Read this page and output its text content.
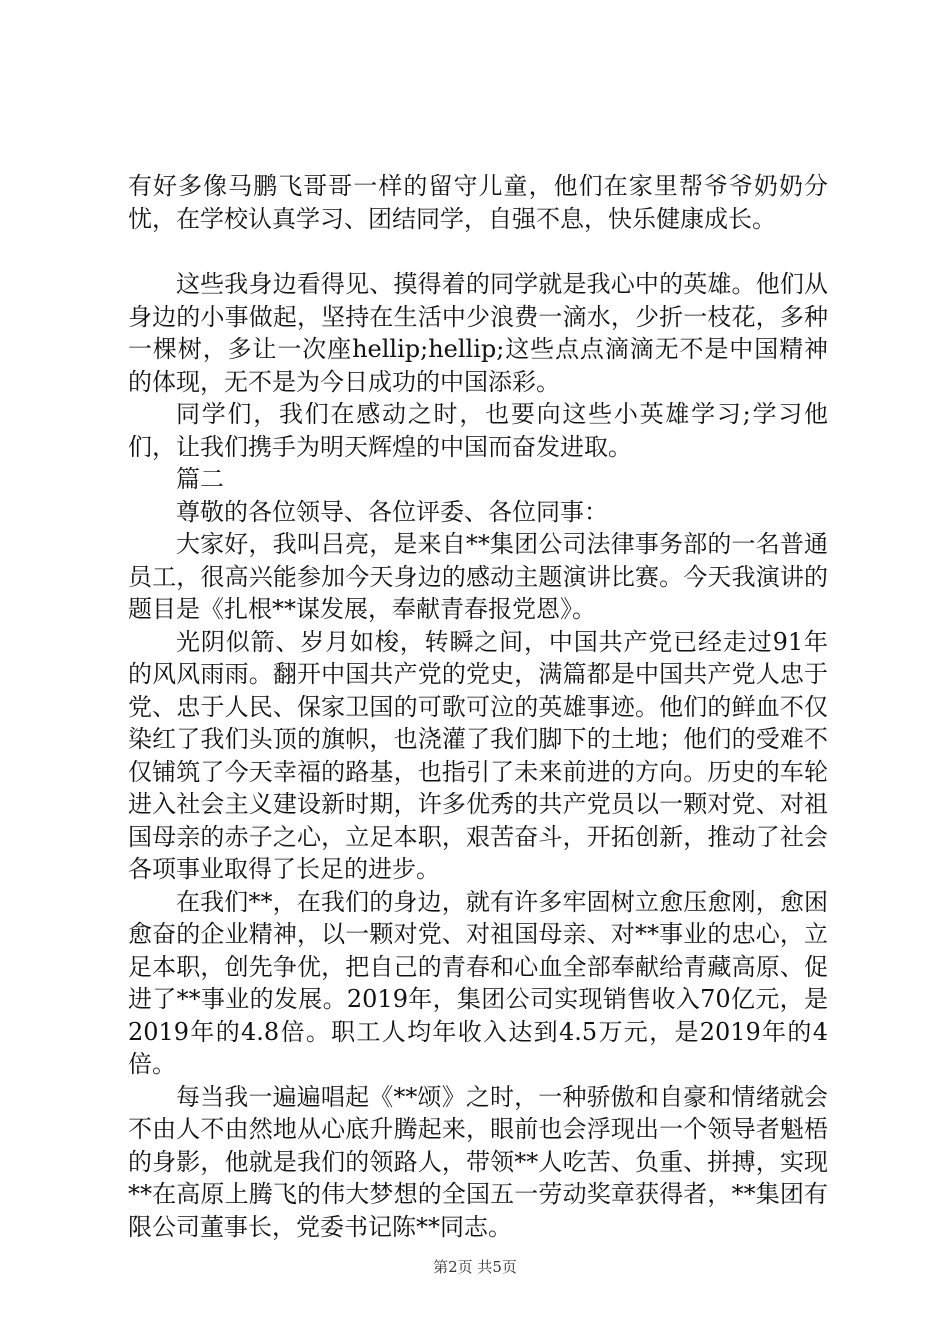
有好多像马鹏飞哥哥一样的留守儿童，他们在家里帮爷爷奶奶分忧，在学校认真学习、团结同学，自强不息，快乐健康成长。

这些我身边看得见、摸得着的同学就是我心中的英雄。他们从身边的小事做起，坚持在生活中少浪费一滴水，少折一枝花，多种一棵树，多让一次座hellip;hellip;这些点点滴滴无不是中国精神的体现，无不是为今日成功的中国添彩。

同学们，我们在感动之时，也要向这些小英雄学习;学习他们，让我们携手为明天辉煌的中国而奋发进取。

篇二

尊敬的各位领导、各位评委、各位同事：

大家好，我叫吕亮，是来自**集团公司法律事务部的一名普通员工，很高兴能参加今天身边的感动主题演讲比赛。今天我演讲的题目是《扎根**谋发展，奉献青春报党恩》。

光阴似箭、岁月如梭，转瞬之间，中国共产党已经走过91年的风风雨雨。翻开中国共产党的党史，满篇都是中国共产党人忠于党、忠于人民、保家卫国的可歌可泣的英雄事迹。他们的鲜血不仅染红了我们头顶的旗帜，也浇灌了我们脚下的土地；他们的受难不仅铺筑了今天幸福的路基，也指引了未来前进的方向。历史的车轮进入社会主义建设新时期，许多优秀的共产党员以一颗对党、对祖国母亲的赤子之心，立足本职，艰苦奋斗，开拓创新，推动了社会各项事业取得了长足的进步。

在我们**，在我们的身边，就有许多牢固树立愈压愈刚，愈困愈奋的企业精神，以一颗对党、对祖国母亲、对**事业的忠心，立足本职，创先争优，把自己的青春和心血全部奉献给青藏高原、促进了**事业的发展。2019年，集团公司实现销售收入70亿元，是2019年的4.8倍。职工人均年收入达到4.5万元，是2019年的4倍。

每当我一遍遍唱起《**颂》之时，一种骄傲和自豪和情绪就会不由人不由然地从心底升腾起来，眼前也会浮现出一个领导者魁梧的身影，他就是我们的领路人，带领**人吃苦、负重、拼搏，实现**在高原上腾飞的伟大梦想的全国五一劳动奖章获得者，**集团有限公司董事长，党委书记陈**同志。

第2页 共5页
